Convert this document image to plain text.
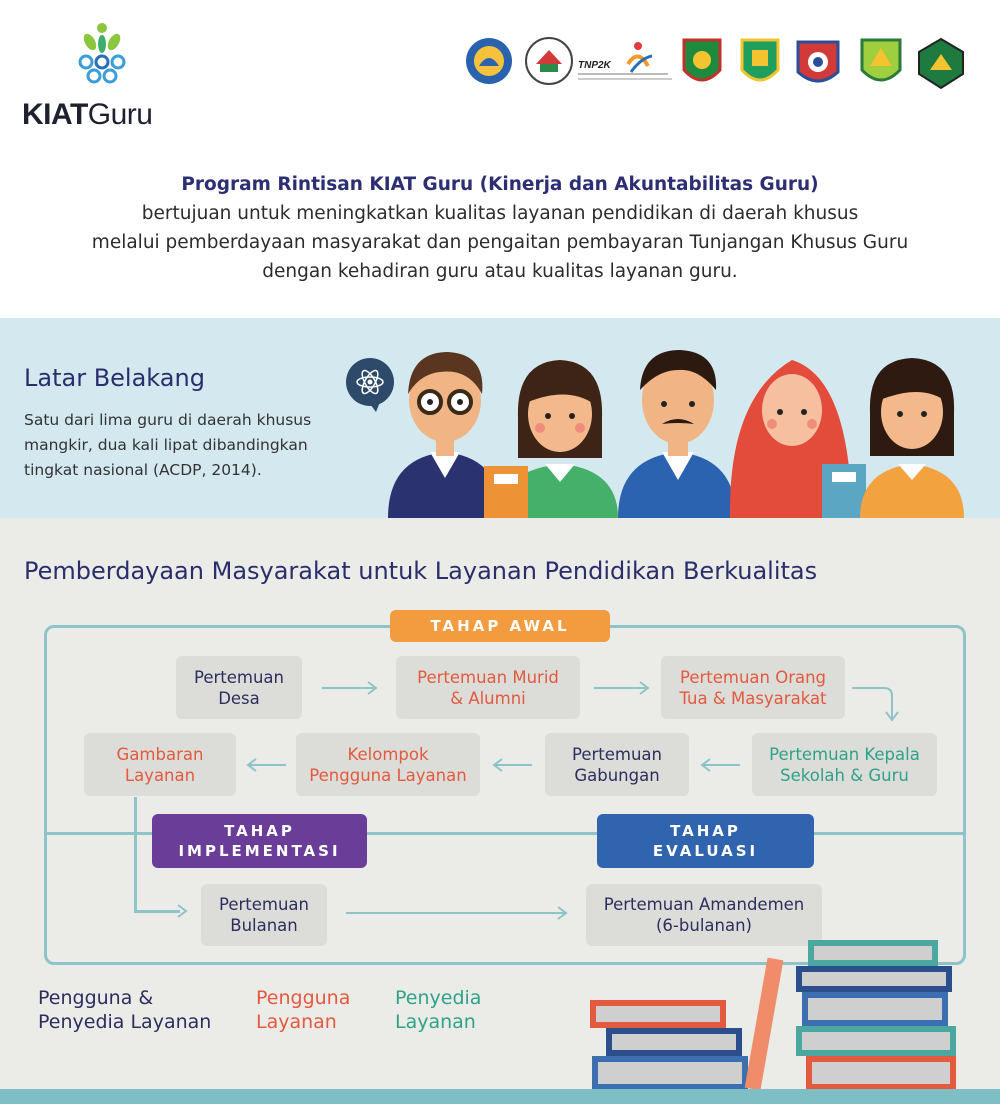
KIATGuru
TNP2K
Program Rintisan KIAT Guru (Kinerja dan Akuntabilitas Guru)
bertujuan untuk meningkatkan kualitas layanan pendidikan di daerah khusus
melalui pemberdayaan masyarakat dan pengaitan pembayaran Tunjangan Khusus Guru
dengan kehadiran guru atau kualitas layanan guru.
Latar Belakang
Satu dari lima guru di daerah khusus mangkir, dua kali lipat dibandingkan tingkat nasional (ACDP, 2014).
Pemberdayaan Masyarakat untuk Layanan Pendidikan Berkualitas
TAHAP AWAL
TAHAP
IMPLEMENTASI
TAHAP
EVALUASI
Pertemuan
Desa
Pertemuan Murid
& Alumni
Pertemuan Orang
Tua & Masyarakat
Pertemuan Kepala
Sekolah & Guru
Pertemuan
Gabungan
Kelompok
Pengguna Layanan
Gambaran
Layanan
Pertemuan
Bulanan
Pertemuan Amandemen
(6-bulanan)
Pengguna &
Penyedia Layanan
Pengguna
Layanan
Penyedia
Layanan
